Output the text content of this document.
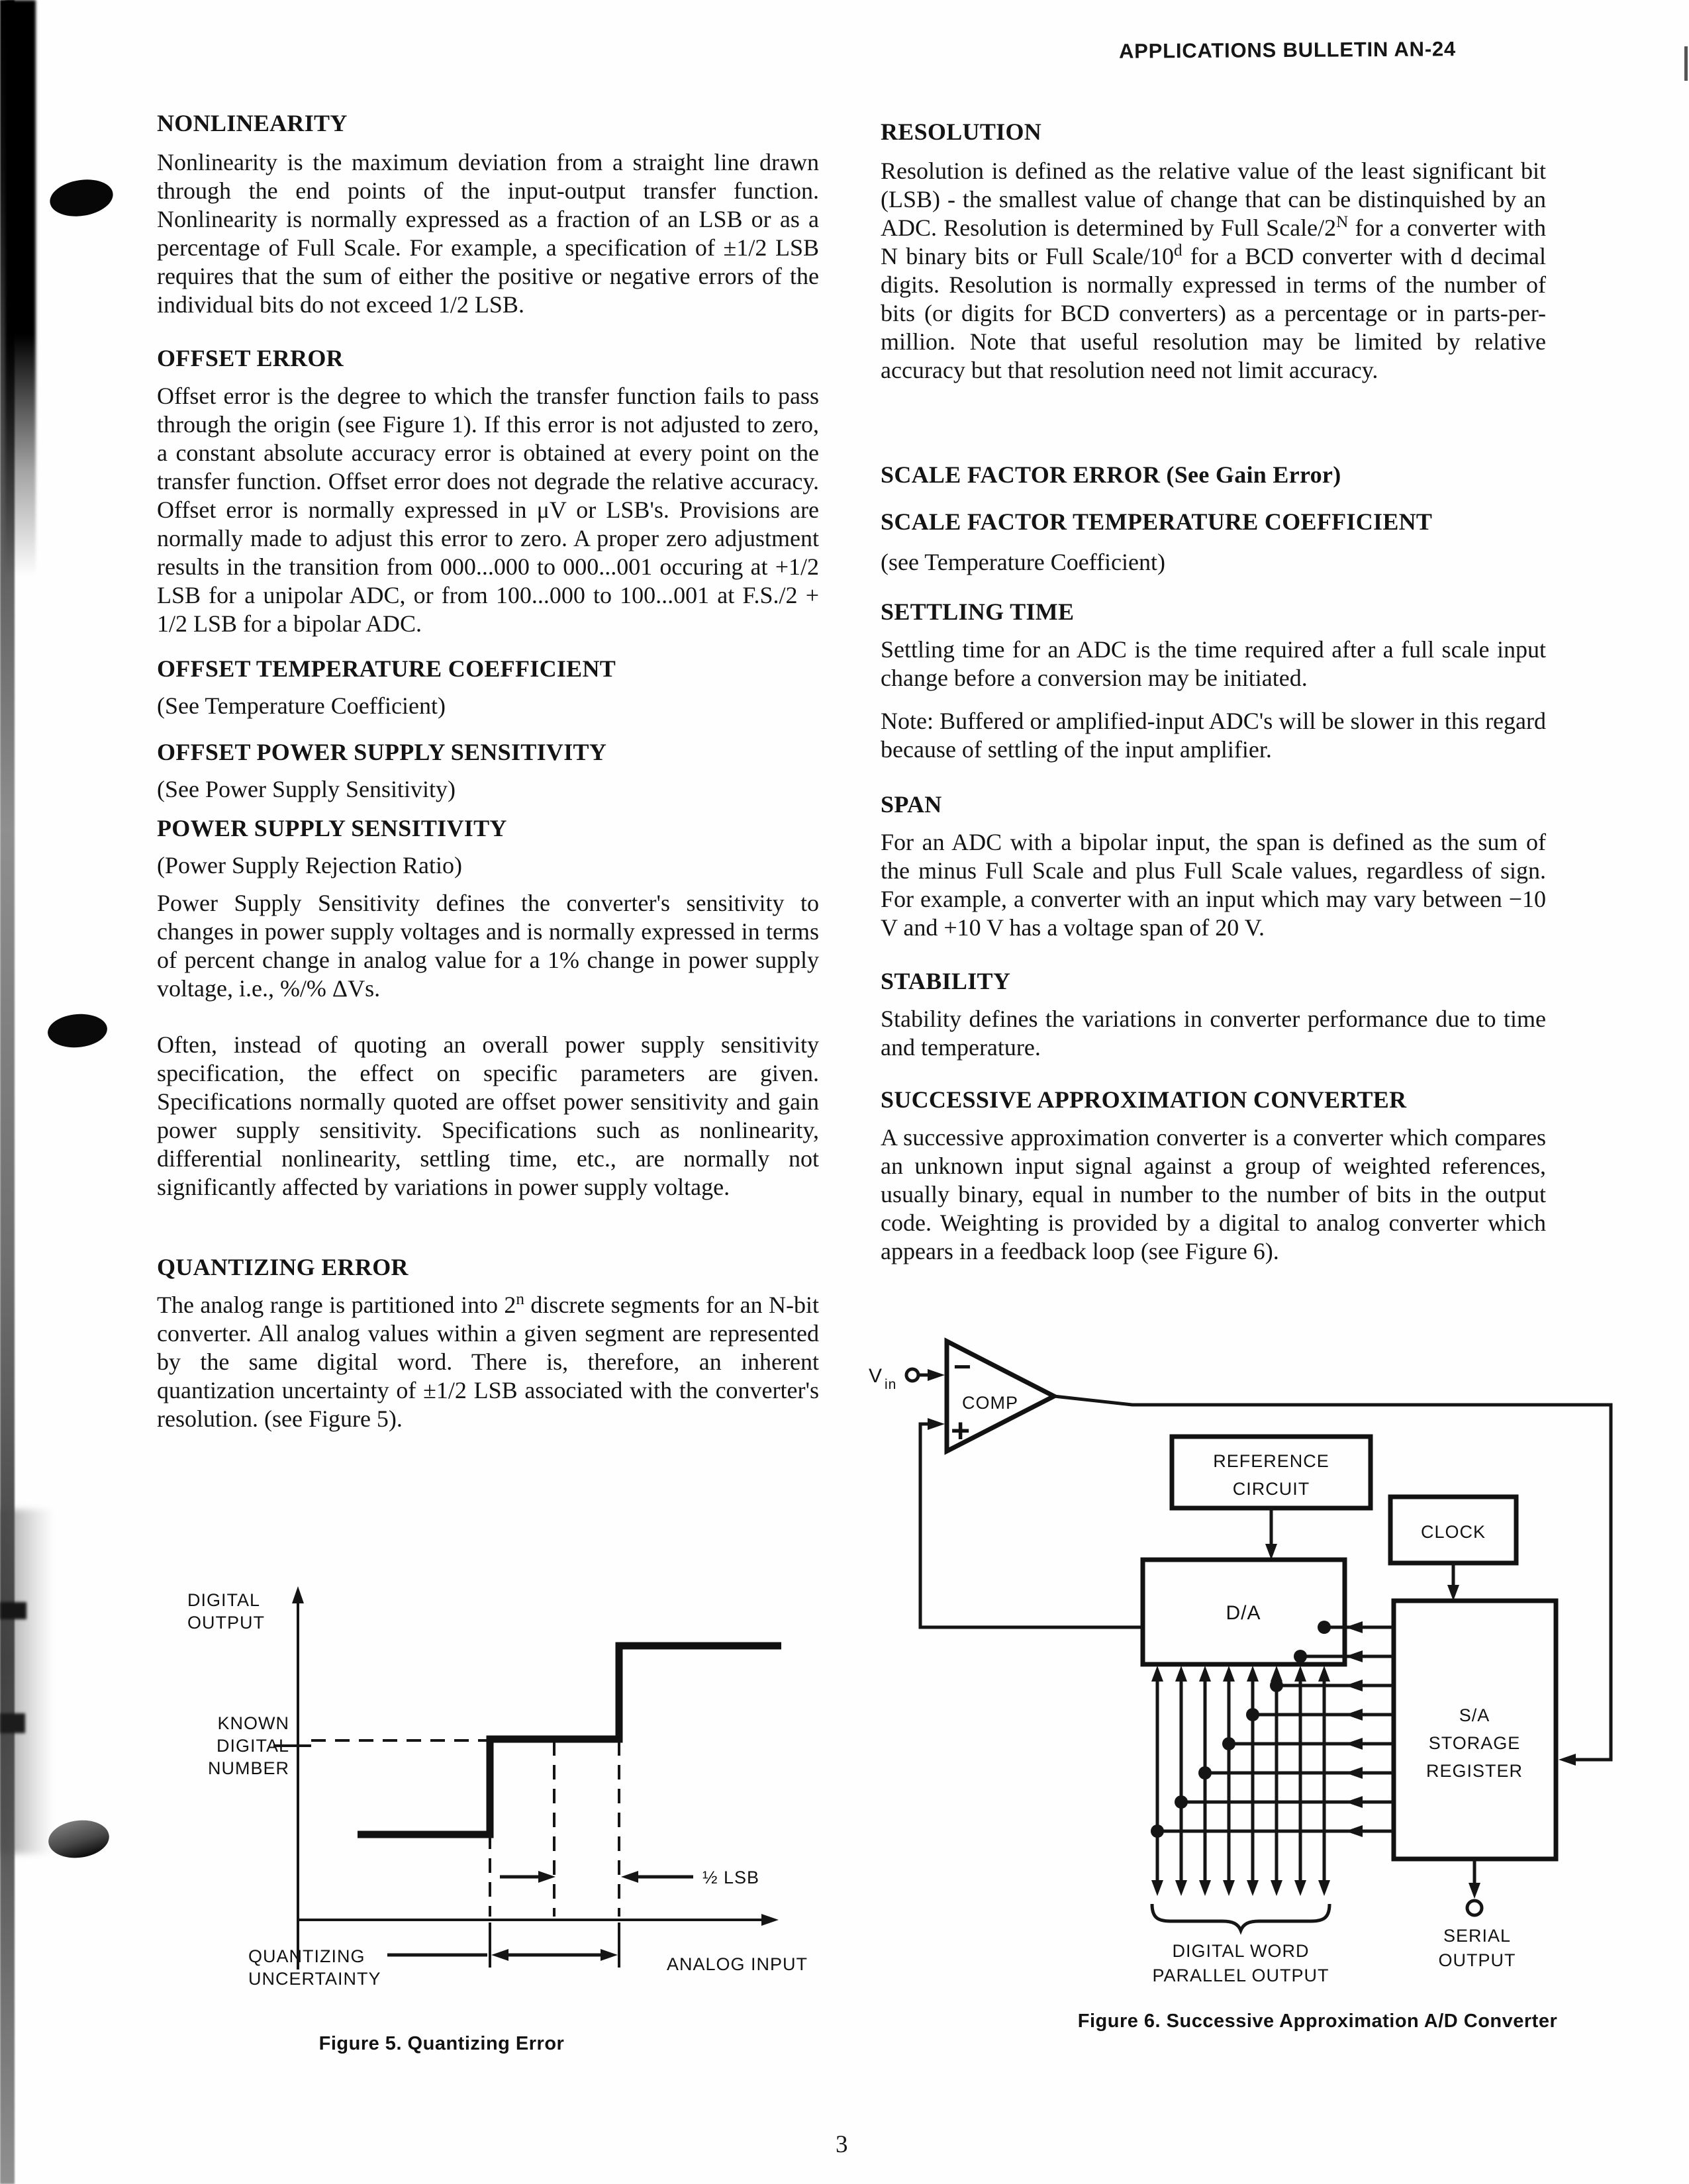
APPLICATIONS BULLETIN AN-24
NONLINEARITY

Nonlinearity is the maximum deviation from a straight line drawn through the end points of the input-output transfer function. Nonlinearity is normally expressed as a fraction of an LSB or as a percentage of Full Scale. For example, a specification of ±1/2 LSB requires that the sum of either the positive or negative errors of the individual bits do not exceed 1/2 LSB.

OFFSET ERROR

Offset error is the degree to which the transfer function fails to pass through the origin (see Figure 1). If this error is not adjusted to zero, a constant absolute accuracy error is obtained at every point on the transfer function. Offset error does not degrade the relative accuracy. Offset error is normally expressed in μV or LSB's. Provisions are normally made to adjust this error to zero. A proper zero adjustment results in the transition from 000...000 to 000...001 occuring at +1/2 LSB for a unipolar ADC, or from 100...000 to 100...001 at F.S./2 + 1/2 LSB for a bipolar ADC.

OFFSET TEMPERATURE COEFFICIENT

(See Temperature Coefficient)

OFFSET POWER SUPPLY SENSITIVITY

(See Power Supply Sensitivity)

POWER SUPPLY SENSITIVITY

(Power Supply Rejection Ratio)

Power Supply Sensitivity defines the converter's sensitivity to changes in power supply voltages and is normally expressed in terms of percent change in analog value for a 1% change in power supply voltage, i.e., %/% ΔVs.

Often, instead of quoting an overall power supply sensitivity specification, the effect on specific parameters are given. Specifications normally quoted are offset power sensitivity and gain power supply sensitivity. Specifications such as nonlinearity, differential nonlinearity, settling time, etc., are normally not significantly affected by variations in power supply voltage.

QUANTIZING ERROR

The analog range is partitioned into 2$^n$ discrete segments for an N-bit converter. All analog values within a given segment are represented by the same digital word. There is, therefore, an inherent quantization uncertainty of ±1/2 LSB associated with the converter's resolution. (see Figure 5).

RESOLUTION

Resolution is defined as the relative value of the least significant bit (LSB) - the smallest value of change that can be distinquished by an ADC. Resolution is determined by Full Scale/$2^N$ for a converter with N binary bits or Full Scale/10$^d$ for a BCD converter with d decimal digits. Resolution is normally expressed in terms of the number of bits (or digits for BCD converters) as a percentage or in parts-per-million. Note that useful resolution may be limited by relative accuracy but that resolution need not limit accuracy.

SCALE FACTOR ERROR (See Gain Error)
SCALE FACTOR TEMPERATURE COEFFICIENT

(see Temperature Coefficient)

SETTLING TIME

Settling time for an ADC is the time required after a full scale input change before a conversion may be initiated.

Note: Buffered or amplified-input ADC's will be slower in this regard because of settling of the input amplifier.

SPAN

For an ADC with a bipolar input, the span is defined as the sum of the minus Full Scale and plus Full Scale values, regardless of sign. For example, a converter with an input which may vary between −10 V and +10 V has a voltage span of 20 V.

STABILITY

Stability defines the variations in converter performance due to time and temperature.

SUCCESSIVE APPROXIMATION CONVERTER

A successive approximation converter is a converter which compares an unknown input signal against a group of weighted references, usually binary, equal in number to the number of bits in the output code. Weighting is provided by a digital to analog converter which appears in a feedback loop (see Figure 6).

DIGITAL
OUTPUT
KNOWN
DIGITAL
NUMBER
½ LSB
ANALOG INPUT
QUANTIZING
UNCERTAINTY
Figure 5. Quantizing Error
V in
−
+
COMP
REFERENCE
CIRCUIT
D/A
CLOCK
S/A
STORAGE
REGISTER
DIGITAL WORD
PARALLEL OUTPUT
SERIAL
OUTPUT
Figure 6. Successive Approximation A/D Converter
3
